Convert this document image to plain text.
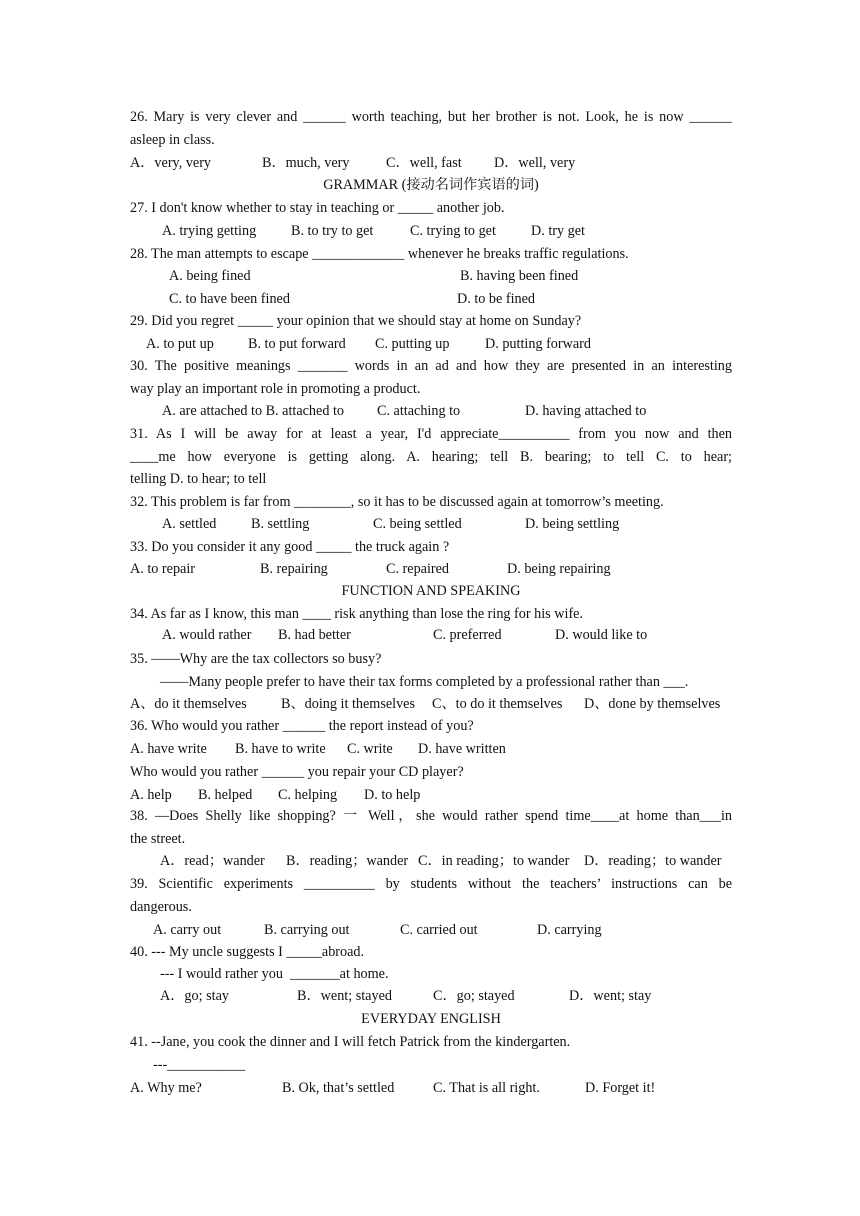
26. Mary is very clever and ______ worth teaching, but her brother is not. Look, he is now ______
asleep in class.
A．very, very	B．much, very	C．well, fast D．well, very
GRAMMAR (接动名词作宾语的词)
27. I don't know whether to stay in teaching or _____ another job.
A. trying getting B. to try to get	C. trying to get D. try get
28. The man attempts to escape _____________ whenever he breaks traffic regulations.
A. being fined	B. having been fined
C. to have been fined	D. to be fined
29. Did you regret _____ your opinion that we should stay at home on Sunday?
A. to put up B. to put forward C. putting up	D. putting forward
30. The positive meanings _______ words in an ad and how they are presented in an interesting
way play an important role in promoting a product.
A. are attached to B. attached to C. attaching to	D. having attached to
31. As I will be away for at least a year, I'd appreciate__________ from you now and then
____me how everyone is getting along. A. hearing; tell B. bearing; to tell C. to hear;
telling D. to hear; to tell
32. This problem is far from ________, so it has to be discussed again at tomorrow’s meeting.
A. settled B. settling	C. being settled	D. being settling
33. Do you consider it any good _____ the truck again ?
A. to repair	B. repairing	C. repaired	D. being repairing
FUNCTION AND SPEAKING
34. As far as I know, this man ____ risk anything than lose the ring for his wife.
A. would rather B. had better	C. preferred	D. would like to
35. ——Why are the tax collectors so busy?
——Many people prefer to have their tax forms completed by a professional rather than ___.
A、do it themselves B、doing it themselves C、to do it themselves D、done by themselves
36. Who would you rather ______ the report instead of you?
A. have write B. have to write C. write D. have written
Who would you rather ______ you repair your CD player?
A. help B. helped C. helping D. to help
38. —Does Shelly like shopping? 一 Well，she would rather spend time____at home than___in
the street.
A．read；wander B．reading；wander C．in reading；to wander D．reading；to wander
39. Scientific experiments __________ by students without the teachers’ instructions can be
dangerous.
A. carry out	B. carrying out	C. carried out	D. carrying
40. --- My uncle suggests I _____abroad.
--- I would rather you  _______at home.
A．go; stay	B．went; stayed	C．go; stayed	D．went; stay
EVERYDAY ENGLISH
41. --Jane, you cook the dinner and I will fetch Patrick from the kindergarten.
---___________
A. Why me?	B. Ok, that’s settled	C. That is all right.	D. Forget it!
